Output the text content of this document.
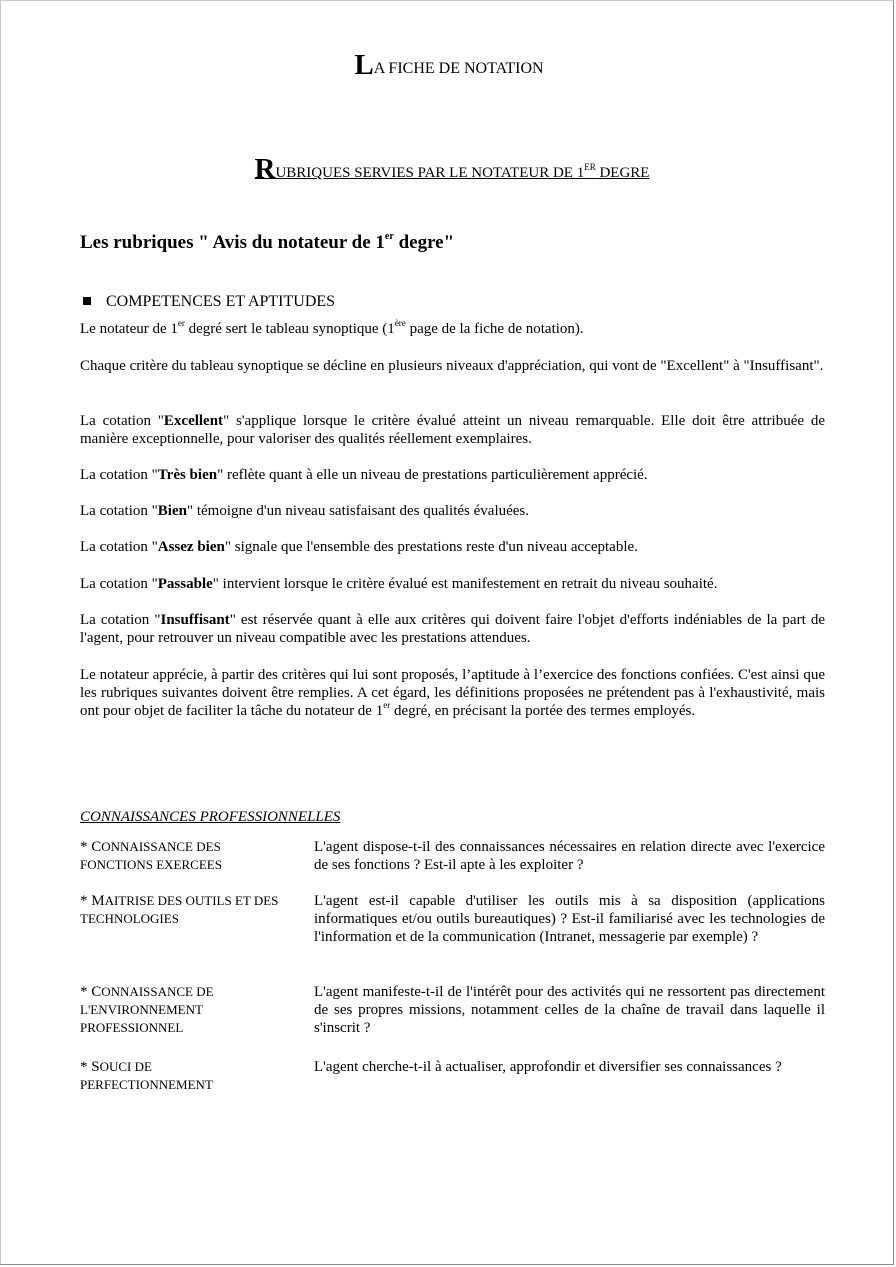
LA FICHE DE NOTATION
RUBRIQUES SERVIES PAR LE NOTATEUR DE 1ER DEGRE
Les rubriques " Avis du notateur de 1er degre"
COMPETENCES ET APTITUDES

Le notateur de 1er degré sert le tableau synoptique (1ère page de la fiche de notation).

Chaque critère du tableau synoptique se décline en plusieurs niveaux d'appréciation, qui vont de "Excellent" à "Insuffisant".

La cotation "Excellent" s'applique lorsque le critère évalué atteint un niveau remarquable. Elle doit être attribuée de manière exceptionnelle, pour valoriser des qualités réellement exemplaires.

La cotation "Très bien" reflète quant à elle un niveau de prestations particulièrement apprécié.

La cotation "Bien" témoigne d'un niveau satisfaisant des qualités évaluées.

La cotation "Assez bien" signale que l'ensemble des prestations reste d'un niveau acceptable.

La cotation "Passable" intervient lorsque le critère évalué est manifestement en retrait du niveau souhaité.

La cotation "Insuffisant" est réservée quant à elle aux critères qui doivent faire l'objet d'efforts indéniables de la part de l'agent, pour retrouver un niveau compatible avec les prestations attendues.

Le notateur apprécie, à partir des critères qui lui sont proposés, l’aptitude à l’exercice des fonctions confiées. C'est ainsi que les rubriques suivantes doivent être remplies. A cet égard, les définitions proposées ne prétendent pas à l'exhaustivité, mais ont pour objet de faciliter la tâche du notateur de 1er degré, en précisant la portée des termes employés.

CONNAISSANCES PROFESSIONNELLES
* CONNAISSANCE DES FONCTIONS EXERCEES

L'agent dispose-t-il des connaissances nécessaires en relation directe avec l'exercice de ses fonctions ? Est-il apte à les exploiter ?

* MAITRISE DES OUTILS ET DES TECHNOLOGIES

L'agent est-il capable d'utiliser les outils mis à sa disposition (applications informatiques et/ou outils bureautiques) ? Est-il familiarisé avec les technologies de l'information et de la communication (Intranet, messagerie par exemple) ?

* CONNAISSANCE DE L'ENVIRONNEMENT PROFESSIONNEL

L'agent manifeste-t-il de l'intérêt pour des activités qui ne ressortent pas directement de ses propres missions, notamment celles de la chaîne de travail dans laquelle il s'inscrit ?

* SOUCI DE PERFECTIONNEMENT

L'agent cherche-t-il à actualiser, approfondir et diversifier ses connaissances ?
